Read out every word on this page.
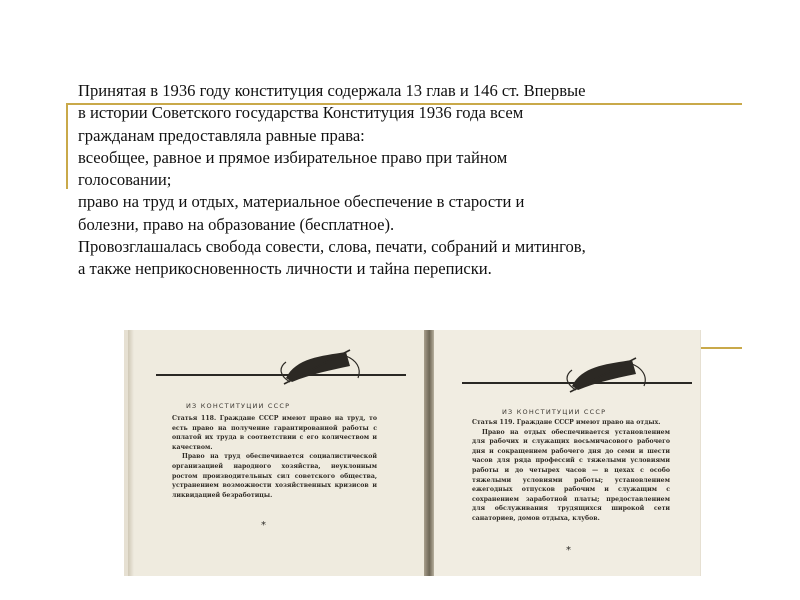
Принятая в 1936 году конституция содержала 13 глав и 146 ст. Впервые
в истории Советского государства Конституция 1936 года всем
гражданам предоставляла равные права:
всеобщее, равное и прямое избирательное право при тайном
голосовании;
право на труд и отдых, материальное обеспечение в старости и
болезни, право на образование (бесплатное).
Провозглашалась свобода совести, слова, печати, собраний и митингов,
а также неприкосновенность личности и тайна переписки.
ИЗ КОНСТИТУЦИИ СССР

Статья 118. Граждане СССР имеют право на труд, то есть право на получение гарантированной работы с оплатой их труда в соответствии с его количеством и качеством.

Право на труд обеспечивается социалистической организацией народного хозяйства, неуклонным ростом производительных сил советского общества, устранением возможности хозяйственных кризисов и ликвидацией безработицы.

*
ИЗ КОНСТИТУЦИИ СССР

Статья 119. Граждане СССР имеют право на отдых.

Право на отдых обеспечивается установлением для рабочих и служащих восьмичасового рабочего дня и сокращением рабочего дня до семи и шести часов для ряда профессий с тяжелыми условиями работы и до четырех часов — в цехах с особо тяжелыми условиями работы; установлением ежегодных отпусков рабочим и служащим с сохранением заработной платы; предоставлением для обслуживания трудящихся широкой сети санаториев, домов отдыха, клубов.

*
